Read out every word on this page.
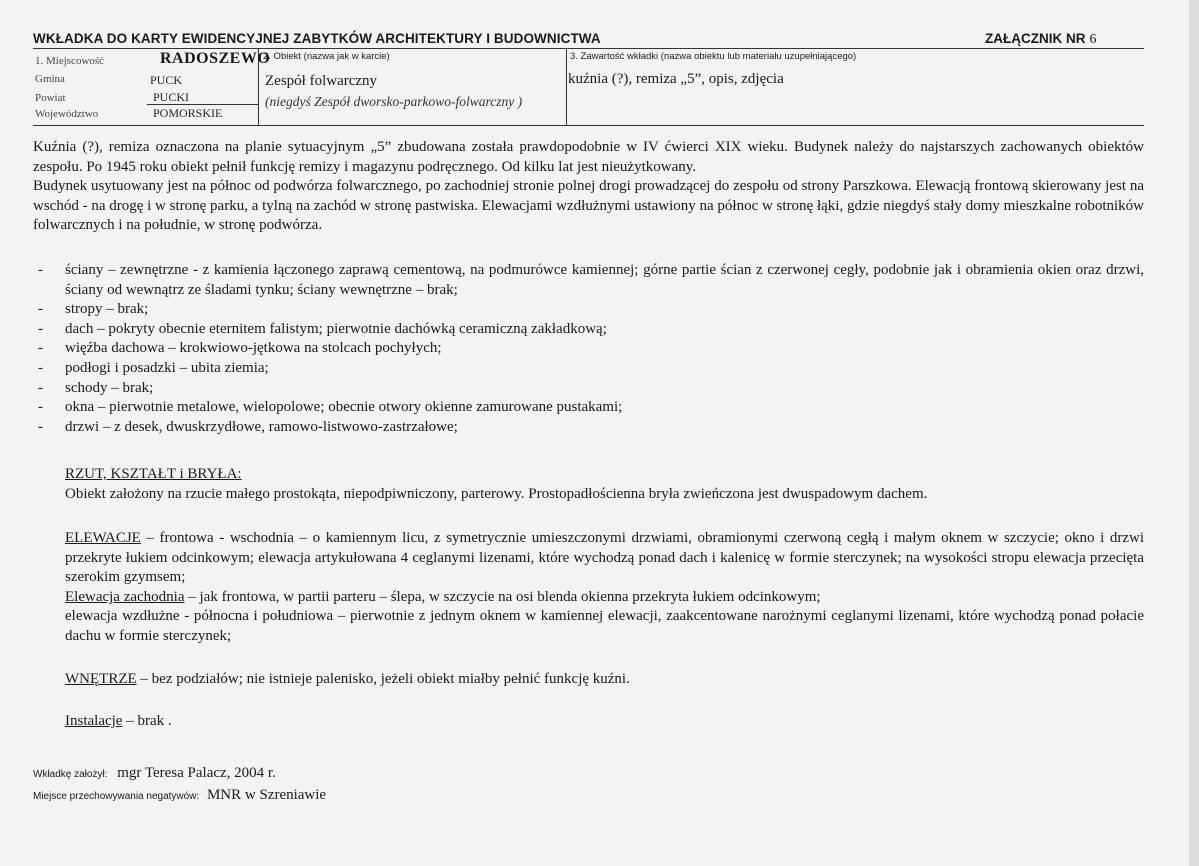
WKŁADKA DO KARTY EWIDENCYJNEJ ZABYTKÓW ARCHITEKTURY I BUDOWNICTWA	ZAŁĄCZNIK NR 6
1. Miejscowość
Gmina
Powiat
Województwo
RADOSZEWO
PUCK
PUCKI
POMORSKIE
2. Obiekt (nazwa jak w karcie)
Zespół folwarczny
(niegdyś Zespół dworsko-parkowo-folwarczny )
3. Zawartość wkładki (nazwa obiektu lub materiału uzupełniającego)
kuźnia (?), remiza „5”, opis, zdjęcia

Kuźnia (?), remiza oznaczona na planie sytuacyjnym „5” zbudowana została prawdopodobnie w IV ćwierci XIX wieku. Budynek należy do najstarszych zachowanych obiektów zespołu. Po 1945 roku obiekt pełnił funkcję remizy i magazynu podręcznego. Od kilku lat jest nieużytkowany.

Budynek usytuowany jest na północ od podwórza folwarcznego, po zachodniej stronie polnej drogi prowadzącej do zespołu od strony Parszkowa. Elewacją frontową skierowany jest na wschód - na drogę i w stronę parku, a tylną na zachód w stronę pastwiska. Elewacjami wzdłużnymi ustawiony na północ w stronę łąki, gdzie niegdyś stały domy mieszkalne robotników folwarcznych i na południe, w stronę podwórza.

- ściany – zewnętrzne - z kamienia łączonego zaprawą cementową, na podmurówce kamiennej; górne partie ścian z czerwonej cegły, podobnie jak i obramienia okien oraz drzwi, ściany od wewnątrz ze śladami tynku; ściany wewnętrzne – brak;
- stropy – brak;
- dach – pokryty obecnie eternitem falistym; pierwotnie dachówką ceramiczną zakładkową;
- więźba dachowa – krokwiowo-jętkowa na stolcach pochyłych;
- podłogi i posadzki – ubita ziemia;
- schody – brak;
- okna – pierwotnie metalowe, wielopolowe; obecnie otwory okienne zamurowane pustakami;
- drzwi – z desek, dwuskrzydłowe, ramowo-listwowo-zastrzałowe;
RZUT, KSZTAŁT i BRYŁA:
Obiekt założony na rzucie małego prostokąta, niepodpiwniczony, parterowy. Prostopadłościenna bryła zwieńczona jest dwuspadowym dachem.
ELEWACJE – frontowa - wschodnia – o kamiennym licu, z symetrycznie umieszczonymi drzwiami, obramionymi czerwoną cegłą i małym oknem w szczycie; okno i drzwi przekryte łukiem odcinkowym; elewacja artykułowana 4 ceglanymi lizenami, które wychodzą ponad dach i kalenicę w formie sterczynek; na wysokości stropu elewacja przecięta szerokim gzymsem;
Elewacja zachodnia – jak frontowa, w partii parteru – ślepa, w szczycie na osi blenda okienna przekryta łukiem odcinkowym;
elewacja wzdłużne - północna i południowa – pierwotnie z jednym oknem w kamiennej elewacji, zaakcentowane narożnymi ceglanymi lizenami, które wychodzą ponad połacie dachu w formie sterczynek;
WNĘTRZE – bez podziałów; nie istnieje palenisko, jeżeli obiekt miałby pełnić funkcję kuźni.
Instalacje – brak .
Wkładkę założył: mgr Teresa Palacz, 2004 r.
Miejsce przechowywania negatywów: MNR w Szreniawie
